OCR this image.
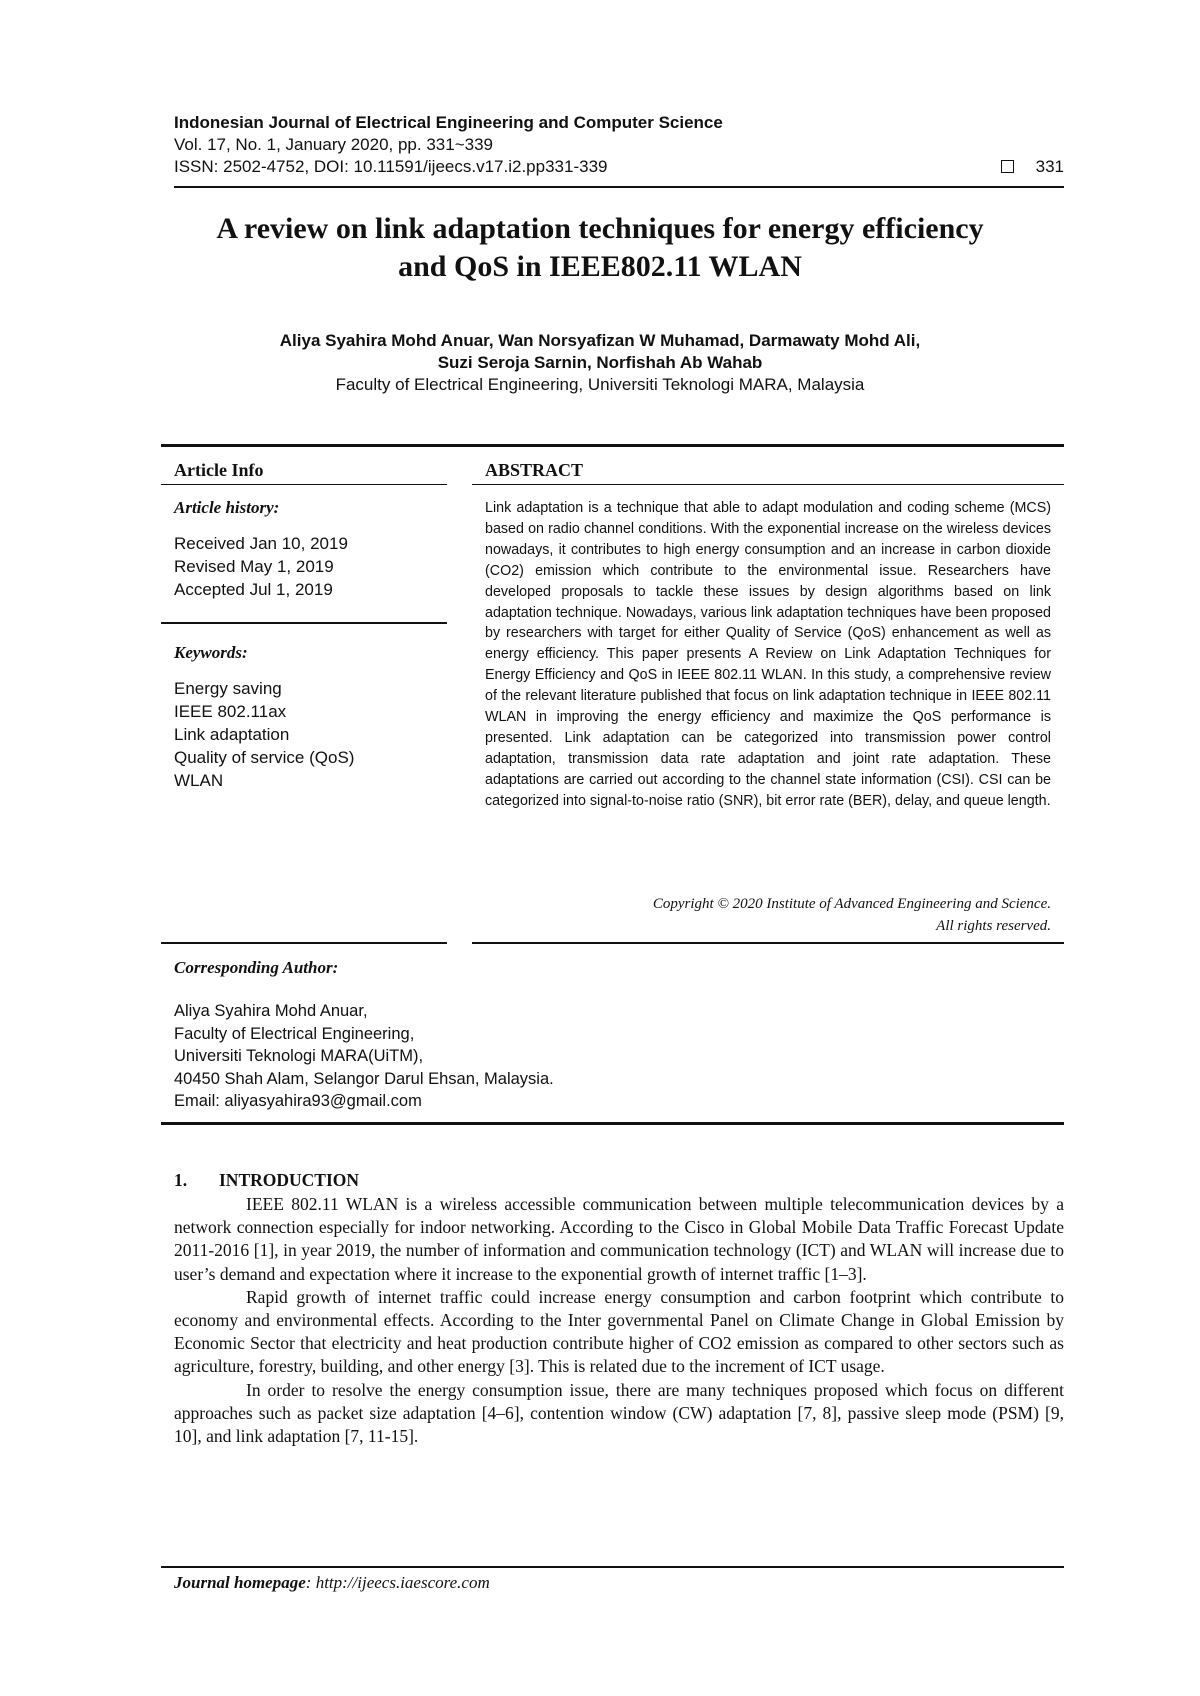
Indonesian Journal of Electrical Engineering and Computer Science
Vol. 17, No. 1, January 2020, pp. 331~339
ISSN: 2502-4752, DOI: 10.11591/ijeecs.v17.i2.pp331-339	331
A review on link adaptation techniques for energy efficiency
and QoS in IEEE802.11 WLAN
Aliya Syahira Mohd Anuar, Wan Norsyafizan W Muhamad, Darmawaty Mohd Ali,
Suzi Seroja Sarnin, Norfishah Ab Wahab
Faculty of Electrical Engineering, Universiti Teknologi MARA, Malaysia
Article Info	ABSTRACT
Article history:
Received Jan 10, 2019
Revised May 1, 2019
Accepted Jul 1, 2019
Keywords:
Energy saving
IEEE 802.11ax
Link adaptation
Quality of service (QoS)
WLAN
Link adaptation is a technique that able to adapt modulation and coding scheme (MCS) based on radio channel conditions. With the exponential increase on the wireless devices nowadays, it contributes to high energy consumption and an increase in carbon dioxide (CO2) emission which contribute to the environmental issue. Researchers have developed proposals to tackle these issues by design algorithms based on link adaptation technique. Nowadays, various link adaptation techniques have been proposed by researchers with target for either Quality of Service (QoS) enhancement as well as energy efficiency. This paper presents A Review on Link Adaptation Techniques for Energy Efficiency and QoS in IEEE 802.11 WLAN. In this study, a comprehensive review of the relevant literature published that focus on link adaptation technique in IEEE 802.11 WLAN in improving the energy efficiency and maximize the QoS performance is presented. Link adaptation can be categorized into transmission power control adaptation, transmission data rate adaptation and joint rate adaptation. These adaptations are carried out according to the channel state information (CSI). CSI can be categorized into signal-to-noise ratio (SNR), bit error rate (BER), delay, and queue length.
Copyright © 2020 Institute of Advanced Engineering and Science.
All rights reserved.
Corresponding Author:
Aliya Syahira Mohd Anuar,
Faculty of Electrical Engineering,
Universiti Teknologi MARA(UiTM),
40450 Shah Alam, Selangor Darul Ehsan, Malaysia.
Email: aliyasyahira93@gmail.com
1. INTRODUCTION

IEEE 802.11 WLAN is a wireless accessible communication between multiple telecommunication devices by a network connection especially for indoor networking. According to the Cisco in Global Mobile Data Traffic Forecast Update 2011-2016 [1], in year 2019, the number of information and communication technology (ICT) and WLAN will increase due to user’s demand and expectation where it increase to the exponential growth of internet traffic [1–3].

Rapid growth of internet traffic could increase energy consumption and carbon footprint which contribute to economy and environmental effects. According to the Inter governmental Panel on Climate Change in Global Emission by Economic Sector that electricity and heat production contribute higher of CO2 emission as compared to other sectors such as agriculture, forestry, building, and other energy [3]. This is related due to the increment of ICT usage.

In order to resolve the energy consumption issue, there are many techniques proposed which focus on different approaches such as packet size adaptation [4–6], contention window (CW) adaptation [7, 8], passive sleep mode (PSM) [9, 10], and link adaptation [7, 11-15].

Journal homepage: http://ijeecs.iaescore.com
